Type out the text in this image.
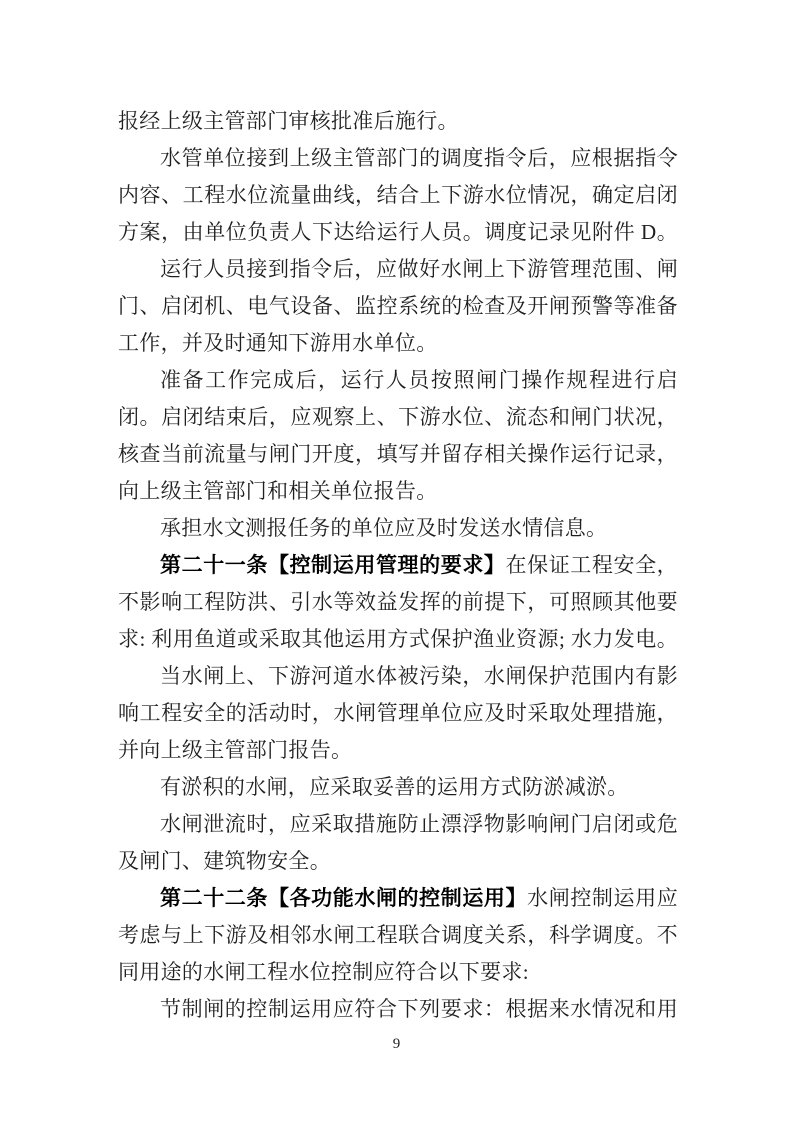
报经上级主管部门审核批准后施行。
水管单位接到上级主管部门的调度指令后，应根据指令
内容、工程水位流量曲线，结合上下游水位情况，确定启闭
方案，由单位负责人下达给运行人员。调度记录见附件 D。
运行人员接到指令后，应做好水闸上下游管理范围、闸
门、启闭机、电气设备、监控系统的检查及开闸预警等准备
工作，并及时通知下游用水单位。
准备工作完成后，运行人员按照闸门操作规程进行启
闭。启闭结束后，应观察上、下游水位、流态和闸门状况，
核查当前流量与闸门开度，填写并留存相关操作运行记录，
向上级主管部门和相关单位报告。
承担水文测报任务的单位应及时发送水情信息。
第二十一条【控制运用管理的要求】在保证工程安全，
不影响工程防洪、引水等效益发挥的前提下，可照顾其他要
求: 利用鱼道或采取其他运用方式保护渔业资源; 水力发电。
当水闸上、下游河道水体被污染，水闸保护范围内有影
响工程安全的活动时，水闸管理单位应及时采取处理措施，
并向上级主管部门报告。
有淤积的水闸，应采取妥善的运用方式防淤减淤。
水闸泄流时，应采取措施防止漂浮物影响闸门启闭或危
及闸门、建筑物安全。
第二十二条【各功能水闸的控制运用】水闸控制运用应
考虑与上下游及相邻水闸工程联合调度关系，科学调度。不
同用途的水闸工程水位控制应符合以下要求:
节制闸的控制运用应符合下列要求：根据来水情况和用
9
